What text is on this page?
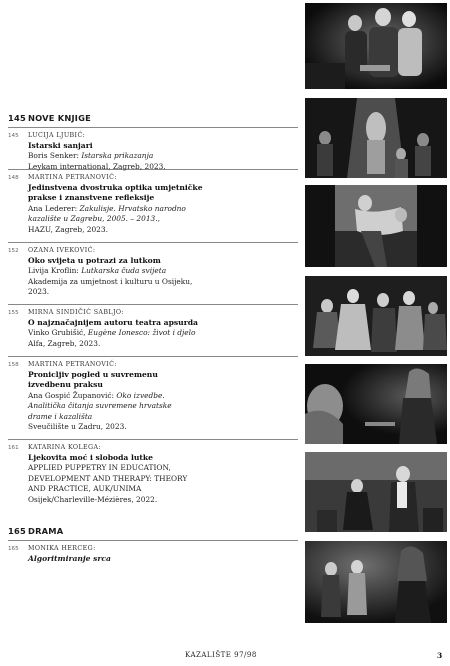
145 NOVE KNJIGE
145	LUCIJA LJUBIĆ:
Istarski sanjari
Boris Senker: Istarska prikazanja
Leykam international, Zagreb, 2023.
148	MARTINA PETRANOVIĆ:
Jedinstvena dvostruka optika umjetničke
prakse i znanstvene refleksije
Ana Lederer: Zakulisje. Hrvatsko narodno
kazalište u Zagrebu, 2005. – 2013.,
HAZU, Zagreb, 2023.
152	OZANA IVEKOVIĆ:
Oko svijeta u potrazi za lutkom
Livija Kroflin: Lutkarska čuda svijeta
Akademija za umjetnost i kulturu u Osijeku,
2023.
155	MIRNA SINDIČIĆ SABLJO:
O najznačajnijem autoru teatra apsurda
Vinko Grubišić, Eugène Ionesco: život i djelo
Alfa, Zagreb, 2023.
158	MARTINA PETRANOVIĆ:
Pronicljiv pogled u suvremenu
izvedbenu praksu
Ana Gospić Županović: Oko izvedbe.
Analitička čitanja suvremene hrvatske
drame i kazališta
Sveučilište u Zadru, 2023.
161	KATARINA KOLEGA:
Ljekovita moć i sloboda lutke
APPLIED PUPPETRY IN EDUCATION,
DEVELOPMENT AND THERAPY: THEORY
AND PRACTICE, AUK/UNIMA
Osijek/Charleville-Mézières, 2022.
165 DRAMA
165	MONIKA HERCEG:
Algoritmiranje srca
KAZALIŠTE 97/98	3
